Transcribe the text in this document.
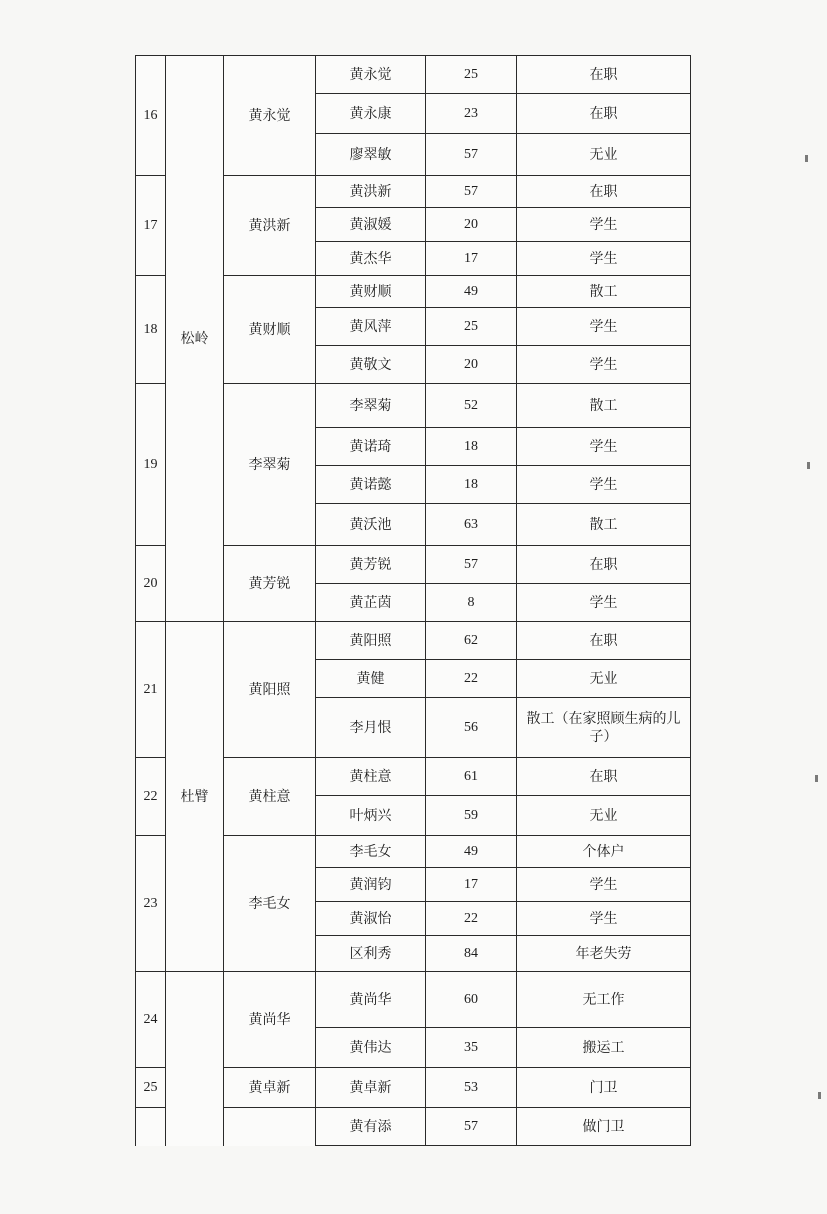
16	松岭	黄永觉	黄永觉	25	在职
			黄永康	23	在职
			廖翠敏	57	无业
17		黄洪新	黄洪新	57	在职
			黄淑媛	20	学生
			黄杰华	17	学生
18		黄财顺	黄财顺	49	散工
			黄风萍	25	学生
			黄敬文	20	学生
19		李翠菊	李翠菊	52	散工
			黄诺琦	18	学生
			黄诺懿	18	学生
			黄沃池	63	散工
20		黄芳锐	黄芳锐	57	在职
			黄芷茵	8	学生
21	杜臂	黄阳照	黄阳照	62	在职
			黄健	22	无业
			李月恨	56	散工（在家照顾生病的儿子）
22		黄柱意	黄柱意	61	在职
			叶炳兴	59	无业
23		李毛女	李毛女	49	个体户
			黄润钧	17	学生
			黄淑怡	22	学生
			区利秀	84	年老失劳
24		黄尚华	黄尚华	60	无工作
			黄伟达	35	搬运工
25		黄卓新	黄卓新	53	门卫
			黄有添	57	做门卫
